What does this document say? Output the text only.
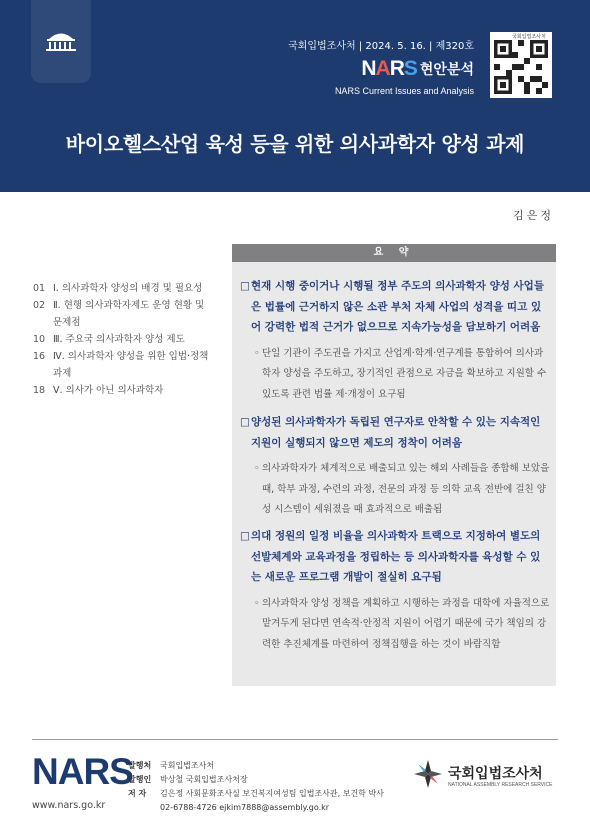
국회입법조사처 | 2024. 5. 16. | 제320호
NARS 현안분석
NARS Current Issues and Analysis
국회입법조사처
바이오헬스산업 육성 등을 위한 의사과학자 양성 과제
김은정
01 Ⅰ. 의사과학자 양성의 배경 및 필요성
02 Ⅱ. 현행 의사과학자제도 운영 현황 및 문제점
10 Ⅲ. 주요국 의사과학자 양성 제도
16 Ⅳ. 의사과학자 양성을 위한 입법·정책 과제
18 Ⅴ. 의사가 아닌 의사과학자
요 약
□ 현재 시행 중이거나 시행될 정부 주도의 의사과학자 양성 사업들은 법률에 근거하지 않은 소관 부처 자체 사업의 성격을 띠고 있어 강력한 법적 근거가 없으므로 지속가능성을 담보하기 어려움
◦ 단일 기관이 주도권을 가지고 산업계·학계·연구계를 통합하여 의사과학자 양성을 주도하고, 장기적인 관점으로 자금을 확보하고 지원할 수 있도록 관련 법률 제·개정이 요구됨
□ 양성된 의사과학자가 독립된 연구자로 안착할 수 있는 지속적인 지원이 실행되지 않으면 제도의 정착이 어려움
◦ 의사과학자가 체계적으로 배출되고 있는 해외 사례들을 종합해 보았을 때, 학부 과정, 수련의 과정, 전문의 과정 등 의학 교육 전반에 걸친 양성 시스템이 세워졌을 때 효과적으로 배출됨
□ 의대 정원의 일정 비율을 의사과학자 트랙으로 지정하여 별도의 선발체계와 교육과정을 정립하는 등 의사과학자를 육성할 수 있는 새로운 프로그램 개발이 절실히 요구됨
◦ 의사과학자 양성 정책을 계획하고 시행하는 과정을 대학에 자율적으로 맡겨두게 된다면 연속적·안정적 지원이 어렵기 때문에 국가 책임의 강력한 추진체계를 마련하여 정책집행을 하는 것이 바람직함
NARS
www.nars.go.kr
발행처 국회입법조사처
발행인 박상철 국회입법조사처장
저 자 김은정 사회문화조사실 보건복지여성팀 입법조사관, 보건학 박사
02-6788-4726 ejkim7888@assembly.go.kr
국회입법조사처
NATIONAL ASSEMBLY RESEARCH SERVICE
